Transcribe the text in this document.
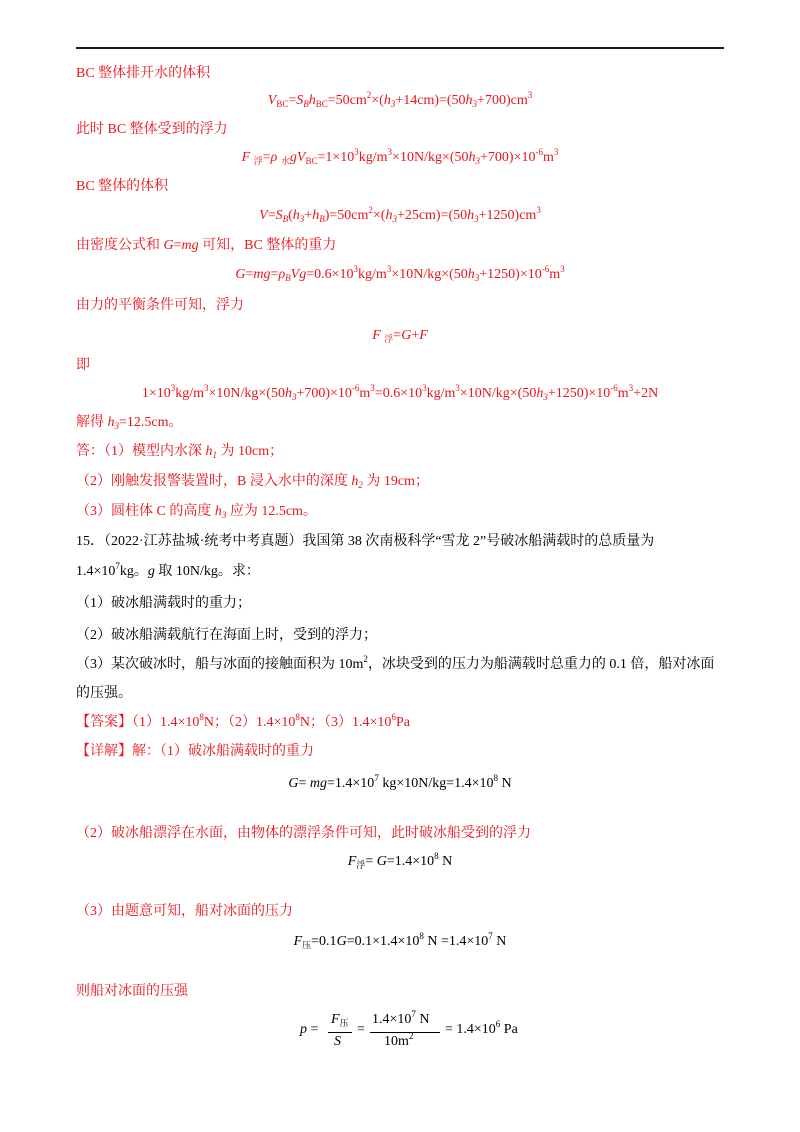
BC 整体排开水的体积
$V_{BC}=S_Bh_{BC}=50cm^2\times(h_3+14cm)=(50h_3+700)cm^3$
此时 BC 整体受到的浮力
F $_浮$=ρ $_水gV_{BC}=1\times 10^3kg/m^3\times 10N/kg\times(50h_3+700)\times 10^{-6}m^3$
BC 整体的体积
$V=S_B(h_3+h_B)=50cm^2\times(h_3+25cm)=(50h_3+1250)cm^3$
由密度公式和 G=mg 可知，BC 整体的重力
$G=mg=\rho_BVg=0.6\times 10^3kg/m^3\times 10N/kg\times(50h_3+1250)\times 10^{-6}m^3$
由力的平衡条件可知，浮力
F $_浮$=G+F
即
$1\times 10^3kg/m^3\times 10N/kg\times(50h_3+700)\times 10^{-6}m^3=0.6\times 10^3kg/m^3\times 10N/kg\times(50h_3+1250)\times 10^{-6}m^3+2N$
解得 $h_3=12.5cm$。
答：（1）模型内水深 $h_1$ 为 10cm；
（2）刚触发报警装置时，B 浸入水中的深度 $h_2$ 为 19cm；
（3）圆柱体 C 的高度 $h_3$ 应为 12.5cm。
15．（2022·江苏盐城·统考中考真题）我国第 38 次南极科学“雪龙 2”号破冰船满载时的总质量为
$1.4\times 10^7kg$。g 取 10N/kg。求：
（1）破冰船满载时的重力；
（2）破冰船满载航行在海面上时，受到的浮力；
（3）某次破冰时，船与冰面的接触面积为 $10m^2$，冰块受到的压力为船满载时总重力的 0.1 倍，船对冰面
的压强。
【答案】$(1)1.4\times 10^8N$；$(2)1.4\times 10^8N$；$(3)1.4\times 10^6Pa$
【详解】解：（1）破冰船满载时的重力
$G= mg=1.4\times 10^7$ $kg\times 10N/kg=1.4\times 10^8$ N
（2）破冰船漂浮在水面，由物体的漂浮条件可知，此时破冰船受到的浮力
$F_浮= G=1.4\times 10^8$ N
（3）由题意可知，船对冰面的压力
$F_压=0.1G=0.1\times 1.4\times 10^8$ $N =1.4\times 10^7$ N
则船对冰面的压强
p =
$F_压$
S
=
$1.4\times 10^7$ N
$10m^2 = 1.4\times 10^6$ Pa
